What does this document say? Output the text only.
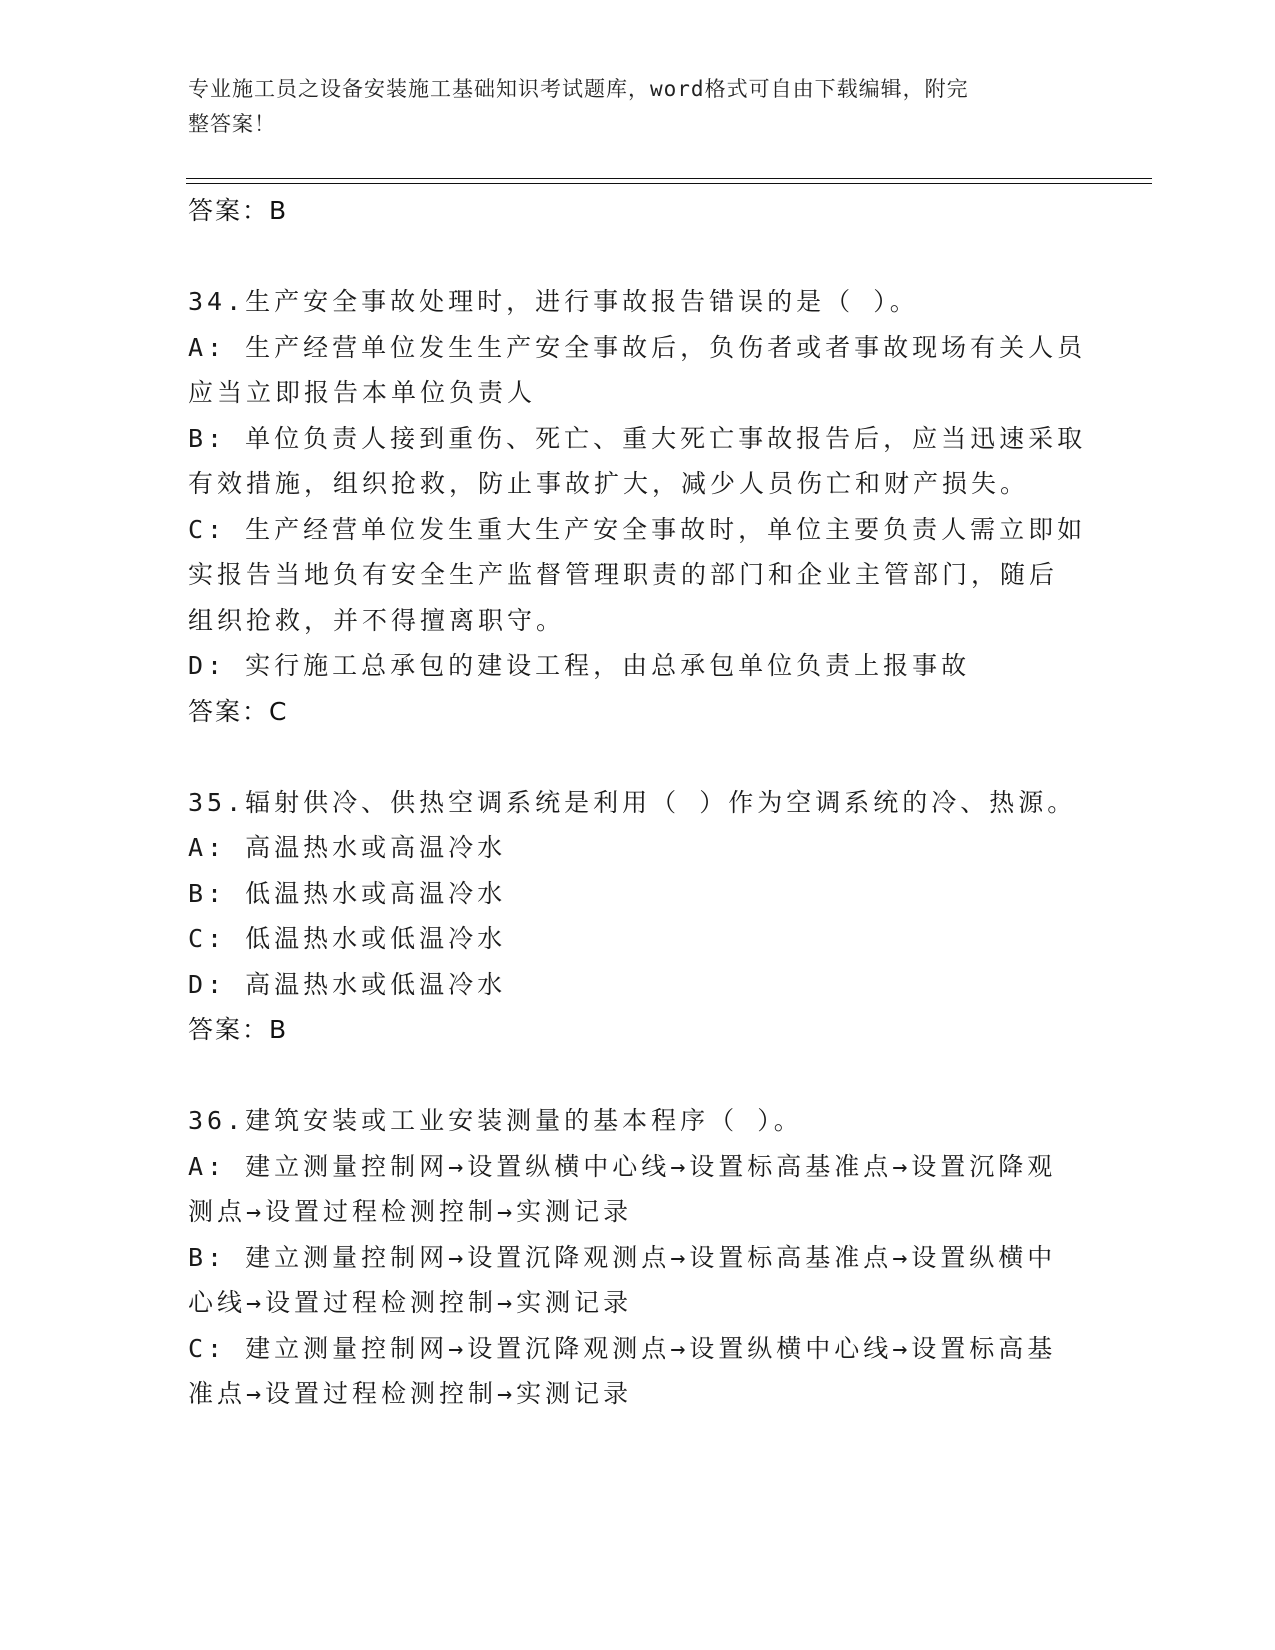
专业施工员之设备安装施工基础知识考试题库，word格式可自由下载编辑，附完
整答案！
答案：B
34.生产安全事故处理时，进行事故报告错误的是（ ）。
A: 生产经营单位发生生产安全事故后，负伤者或者事故现场有关人员
应当立即报告本单位负责人
B: 单位负责人接到重伤、死亡、重大死亡事故报告后，应当迅速采取
有效措施，组织抢救，防止事故扩大，减少人员伤亡和财产损失。
C: 生产经营单位发生重大生产安全事故时，单位主要负责人需立即如
实报告当地负有安全生产监督管理职责的部门和企业主管部门，随后
组织抢救，并不得擅离职守。
D: 实行施工总承包的建设工程，由总承包单位负责上报事故
答案：C
35.辐射供冷、供热空调系统是利用（ ）作为空调系统的冷、热源。
A: 高温热水或高温冷水
B: 低温热水或高温冷水
C: 低温热水或低温冷水
D: 高温热水或低温冷水
答案：B
36.建筑安装或工业安装测量的基本程序（ ）。
A: 建立测量控制网→设置纵横中心线→设置标高基准点→设置沉降观
测点→设置过程检测控制→实测记录
B: 建立测量控制网→设置沉降观测点→设置标高基准点→设置纵横中
心线→设置过程检测控制→实测记录
C: 建立测量控制网→设置沉降观测点→设置纵横中心线→设置标高基
准点→设置过程检测控制→实测记录
